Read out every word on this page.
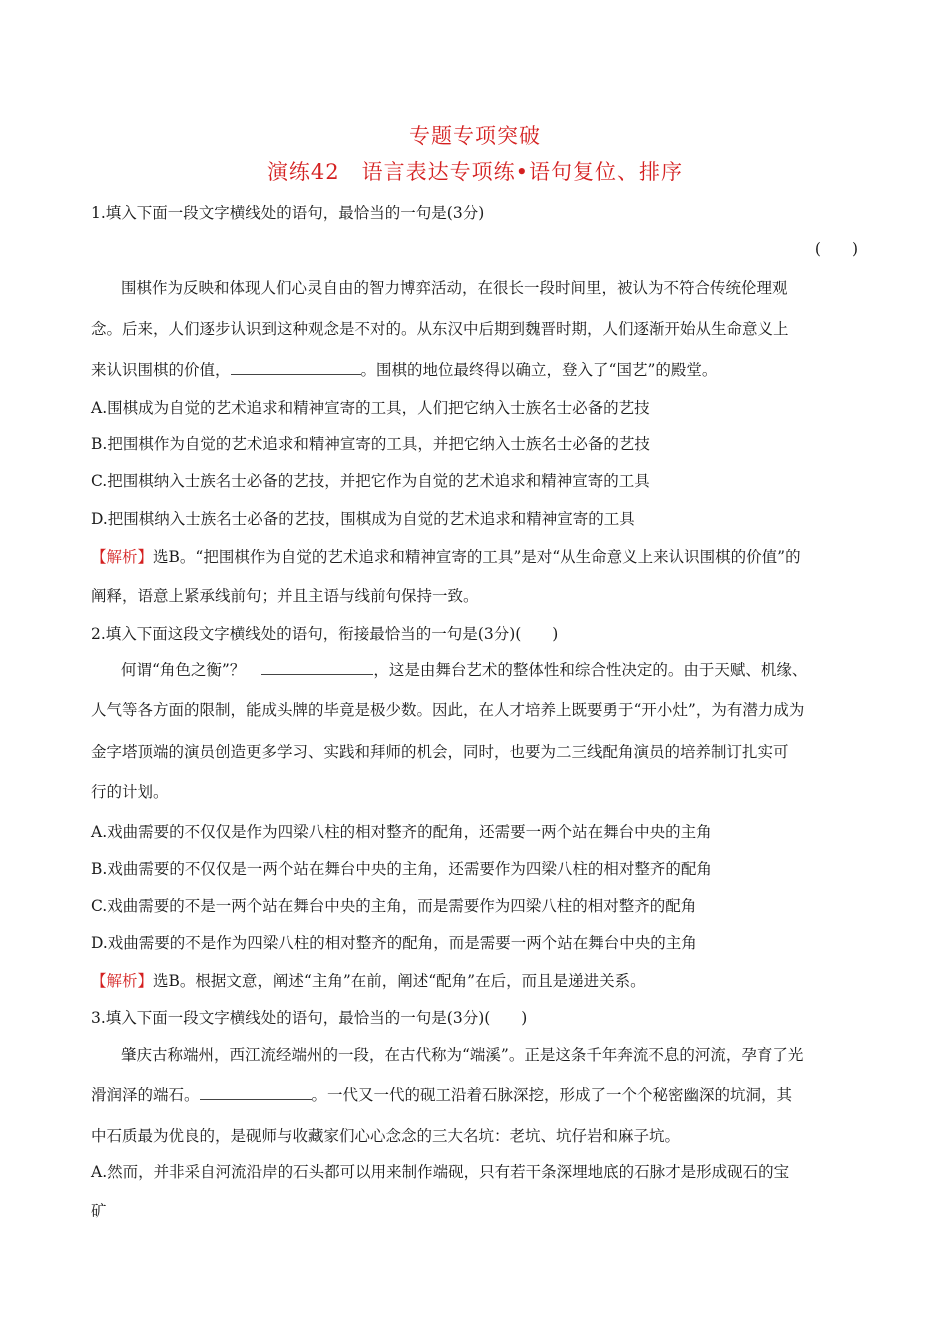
专题专项突破
演练42　语言表达专项练•语句复位、排序
1.填入下面一段文字横线处的语句，最恰当的一句是(3分)
(　　)
围棋作为反映和体现人们心灵自由的智力博弈活动，在很长一段时间里，被认为不符合传统伦理观
念。后来，人们逐步认识到这种观念是不对的。从东汉中后期到魏晋时期，人们逐渐开始从生命意义上
来认识围棋的价值，	。围棋的地位最终得以确立，登入了“国艺”的殿堂。
A.围棋成为自觉的艺术追求和精神宣寄的工具，人们把它纳入士族名士必备的艺技
B.把围棋作为自觉的艺术追求和精神宣寄的工具，并把它纳入士族名士必备的艺技
C.把围棋纳入士族名士必备的艺技，并把它作为自觉的艺术追求和精神宣寄的工具
D.把围棋纳入士族名士必备的艺技，围棋成为自觉的艺术追求和精神宣寄的工具
【解析】选B。“把围棋作为自觉的艺术追求和精神宣寄的工具”是对“从生命意义上来认识围棋的价值”的
阐释，语意上紧承线前句；并且主语与线前句保持一致。
2.填入下面这段文字横线处的语句，衔接最恰当的一句是(3分)(　　)
何谓“角色之衡”？	，这是由舞台艺术的整体性和综合性决定的。由于天赋、机缘、
人气等各方面的限制，能成头牌的毕竟是极少数。因此，在人才培养上既要勇于“开小灶”，为有潜力成为
金字塔顶端的演员创造更多学习、实践和拜师的机会，同时，也要为二三线配角演员的培养制订扎实可
行的计划。
A.戏曲需要的不仅仅是作为四梁八柱的相对整齐的配角，还需要一两个站在舞台中央的主角
B.戏曲需要的不仅仅是一两个站在舞台中央的主角，还需要作为四梁八柱的相对整齐的配角
C.戏曲需要的不是一两个站在舞台中央的主角，而是需要作为四梁八柱的相对整齐的配角
D.戏曲需要的不是作为四梁八柱的相对整齐的配角，而是需要一两个站在舞台中央的主角
【解析】选B。根据文意，阐述“主角”在前，阐述“配角”在后，而且是递进关系。
3.填入下面一段文字横线处的语句，最恰当的一句是(3分)(　　)
肇庆古称端州，西江流经端州的一段，在古代称为“端溪”。正是这条千年奔流不息的河流，孕育了光
滑润泽的端石。	。一代又一代的砚工沿着石脉深挖，形成了一个个秘密幽深的坑洞，其
中石质最为优良的，是砚师与收藏家们心心念念的三大名坑：老坑、坑仔岩和麻子坑。
A.然而，并非采自河流沿岸的石头都可以用来制作端砚，只有若干条深埋地底的石脉才是形成砚石的宝
矿
